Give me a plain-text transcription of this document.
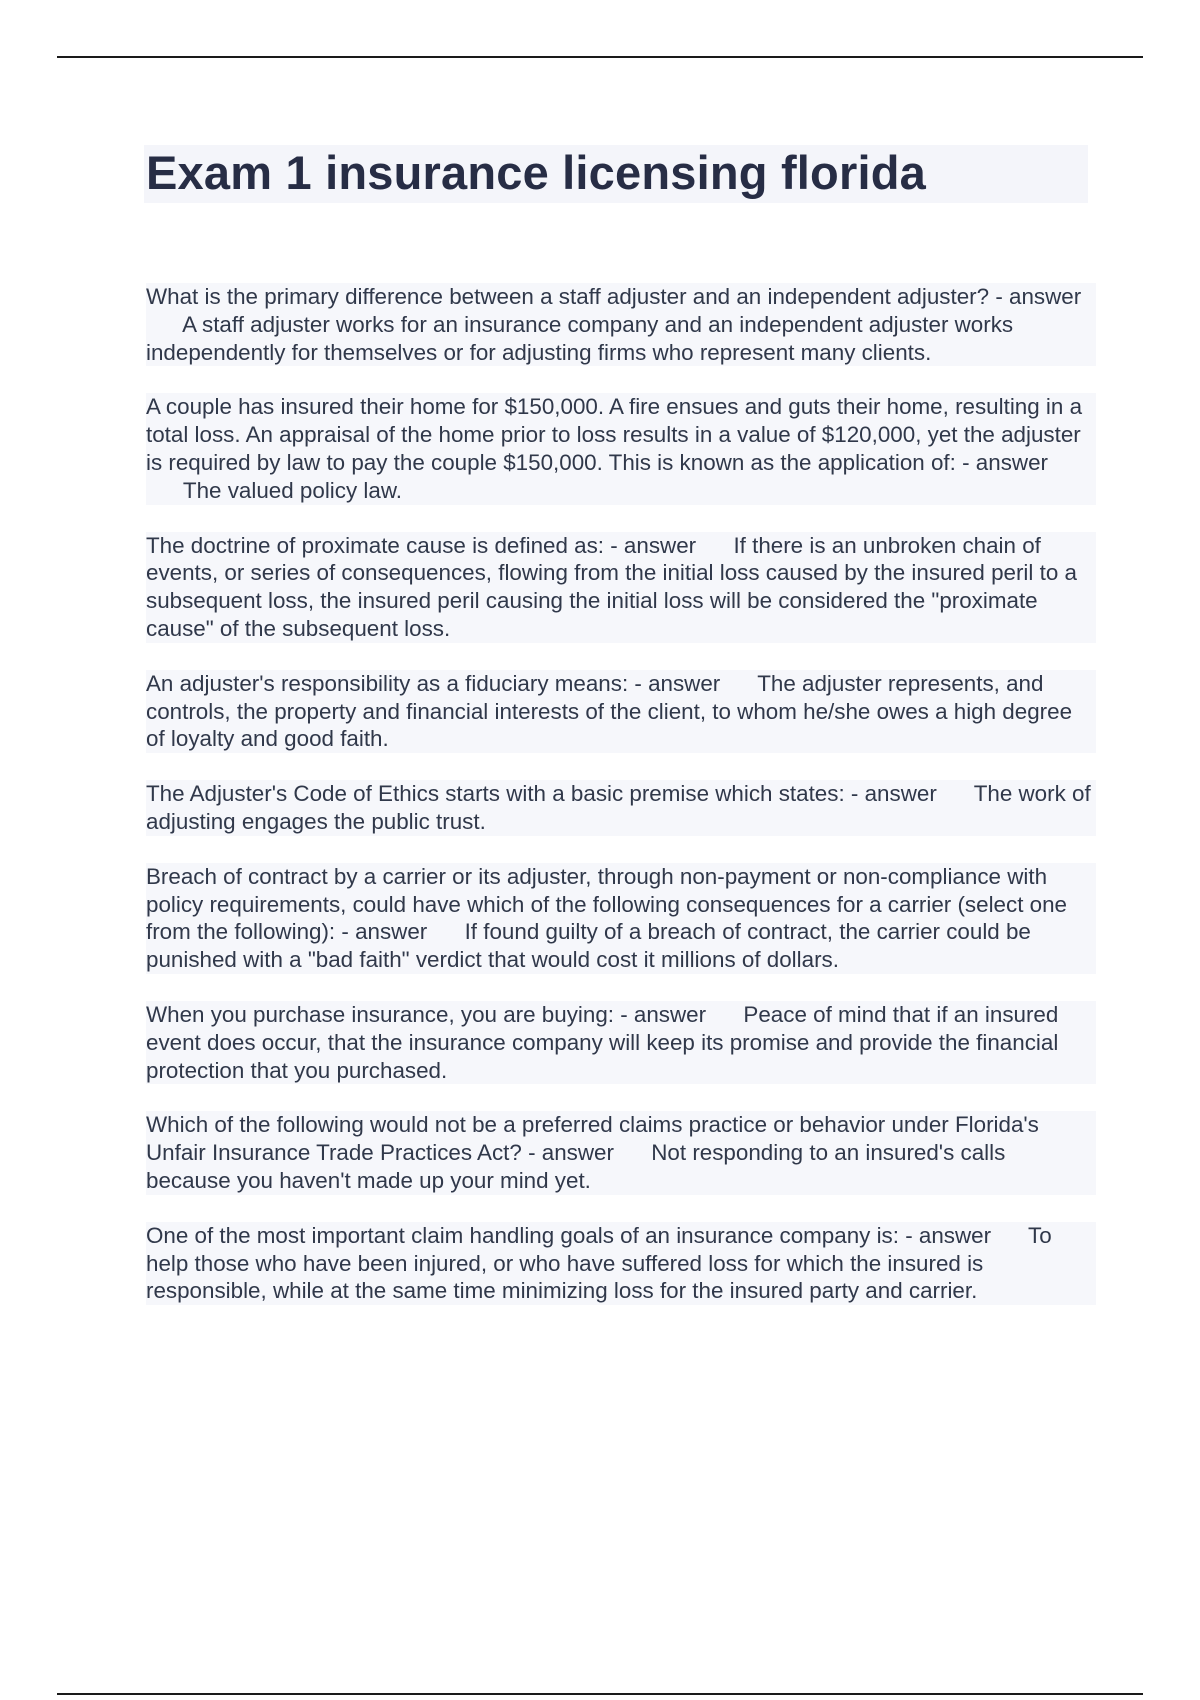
Exam 1 insurance licensing florida

What is the primary difference between a staff adjuster and an independent adjuster? - answer      A staff adjuster works for an insurance company and an independent adjuster works independently for themselves or for adjusting firms who represent many clients.

A couple has insured their home for $150,000. A fire ensues and guts their home, resulting in a total loss. An appraisal of the home prior to loss results in a value of $120,000, yet the adjuster is required by law to pay the couple $150,000. This is known as the application of: - answer      The valued policy law.

The doctrine of proximate cause is defined as: - answer If there is an unbroken chain of events, or series of consequences, flowing from the initial loss caused by the insured peril to a subsequent loss, the insured peril causing the initial loss will be considered the "proximate cause" of the subsequent loss.

An adjuster's responsibility as a fiduciary means: - answer The adjuster represents, and controls, the property and financial interests of the client, to whom he/she owes a high degree of loyalty and good faith.

The Adjuster's Code of Ethics starts with a basic premise which states: - answer The work of adjusting engages the public trust.

Breach of contract by a carrier or its adjuster, through non-payment or non-compliance with policy requirements, could have which of the following consequences for a carrier (select one from the following): - answer If found guilty of a breach of contract, the carrier could be punished with a "bad faith" verdict that would cost it millions of dollars.

When you purchase insurance, you are buying: - answer Peace of mind that if an insured event does occur, that the insurance company will keep its promise and provide the financial protection that you purchased.

Which of the following would not be a preferred claims practice or behavior under Florida's Unfair Insurance Trade Practices Act? - answer Not responding to an insured's calls because you haven't made up your mind yet.

One of the most important claim handling goals of an insurance company is: - answer To help those who have been injured, or who have suffered loss for which the insured is responsible, while at the same time minimizing loss for the insured party and carrier.
